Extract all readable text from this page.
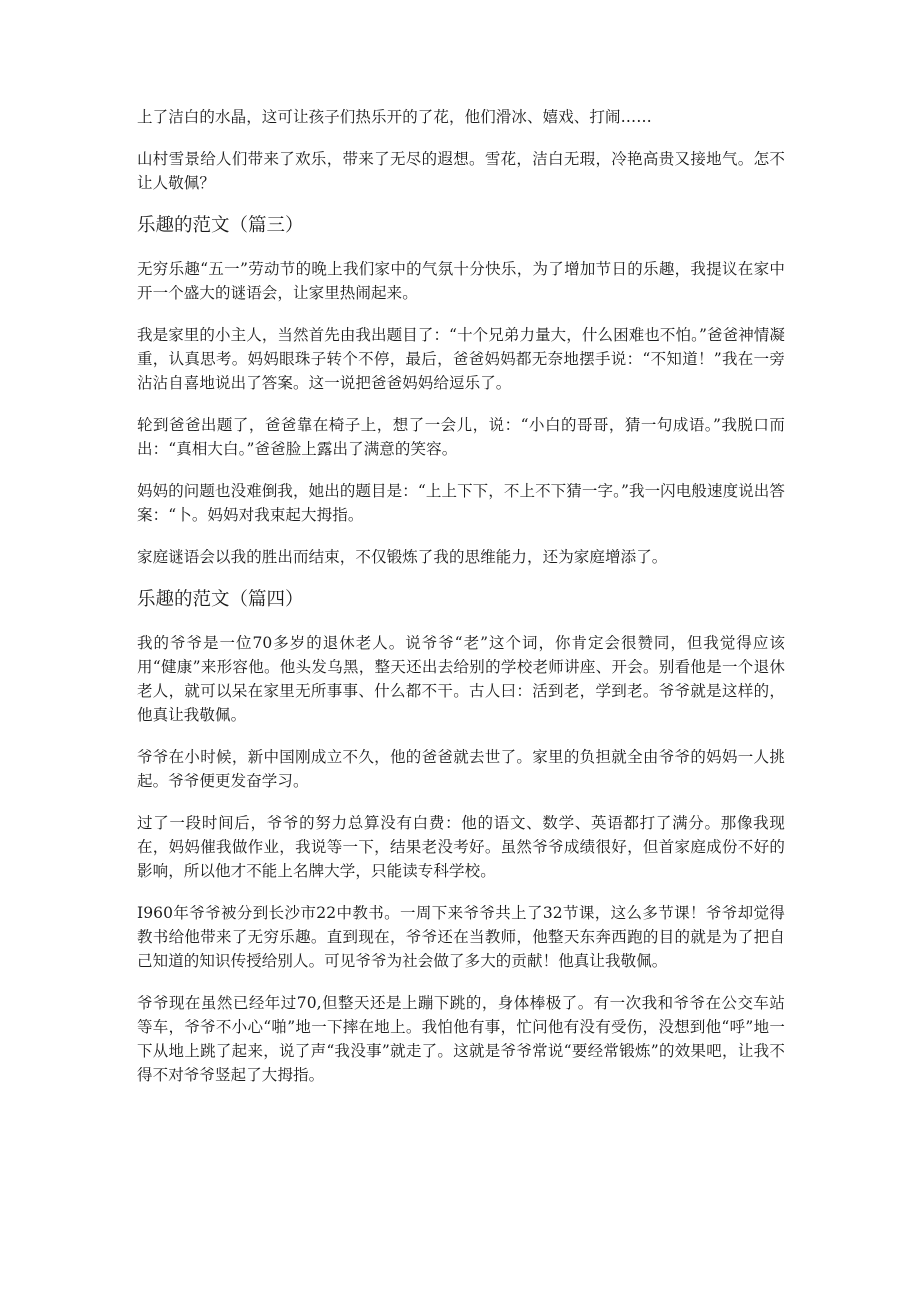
上了洁白的水晶，这可让孩子们热乐开的了花，他们滑冰、嬉戏、打闹……

山村雪景给人们带来了欢乐，带来了无尽的遐想。雪花，洁白无瑕，冷艳高贵又接地气。怎不让人敬佩？

乐趣的范文（篇三）

无穷乐趣“五一”劳动节的晚上我们家中的气氛十分快乐，为了增加节日的乐趣，我提议在家中开一个盛大的谜语会，让家里热闹起来。

我是家里的小主人，当然首先由我出题目了：“十个兄弟力量大，什么困难也不怕。”爸爸神情凝重，认真思考。妈妈眼珠子转个不停，最后，爸爸妈妈都无奈地摆手说：“不知道！”我在一旁沾沾自喜地说出了答案。这一说把爸爸妈妈给逗乐了。

轮到爸爸出题了，爸爸靠在椅子上，想了一会儿，说：“小白的哥哥，猜一句成语。”我脱口而出：“真相大白。”爸爸脸上露出了满意的笑容。

妈妈的问题也没难倒我，她出的题目是：“上上下下，不上不下猜一字。”我一闪电般速度说出答案：“卜。妈妈对我束起大拇指。

家庭谜语会以我的胜出而结束，不仅锻炼了我的思维能力，还为家庭增添了。

乐趣的范文（篇四）

我的爷爷是一位70多岁的退休老人。说爷爷“老”这个词，你肯定会很赞同，但我觉得应该用“健康”来形容他。他头发乌黑，整天还出去给别的学校老师讲座、开会。别看他是一个退休老人，就可以呆在家里无所事事、什么都不干。古人曰：活到老，学到老。爷爷就是这样的，他真让我敬佩。

爷爷在小时候，新中国刚成立不久，他的爸爸就去世了。家里的负担就全由爷爷的妈妈一人挑起。爷爷便更发奋学习。

过了一段时间后，爷爷的努力总算没有白费：他的语文、数学、英语都打了满分。那像我现在，妈妈催我做作业，我说等一下，结果老没考好。虽然爷爷成绩很好，但首家庭成份不好的影响，所以他才不能上名牌大学，只能读专科学校。

I960年爷爷被分到长沙市22中教书。一周下来爷爷共上了32节课，这么多节课！爷爷却觉得教书给他带来了无穷乐趣。直到现在，爷爷还在当教师，他整天东奔西跑的目的就是为了把自己知道的知识传授给别人。可见爷爷为社会做了多大的贡献！他真让我敬佩。

爷爷现在虽然已经年过70,但整天还是上蹦下跳的，身体棒极了。有一次我和爷爷在公交车站等车，爷爷不小心“啪”地一下摔在地上。我怕他有事，忙问他有没有受伤，没想到他“呼”地一下从地上跳了起来，说了声“我没事”就走了。这就是爷爷常说“要经常锻炼”的效果吧，让我不得不对爷爷竖起了大拇指。
